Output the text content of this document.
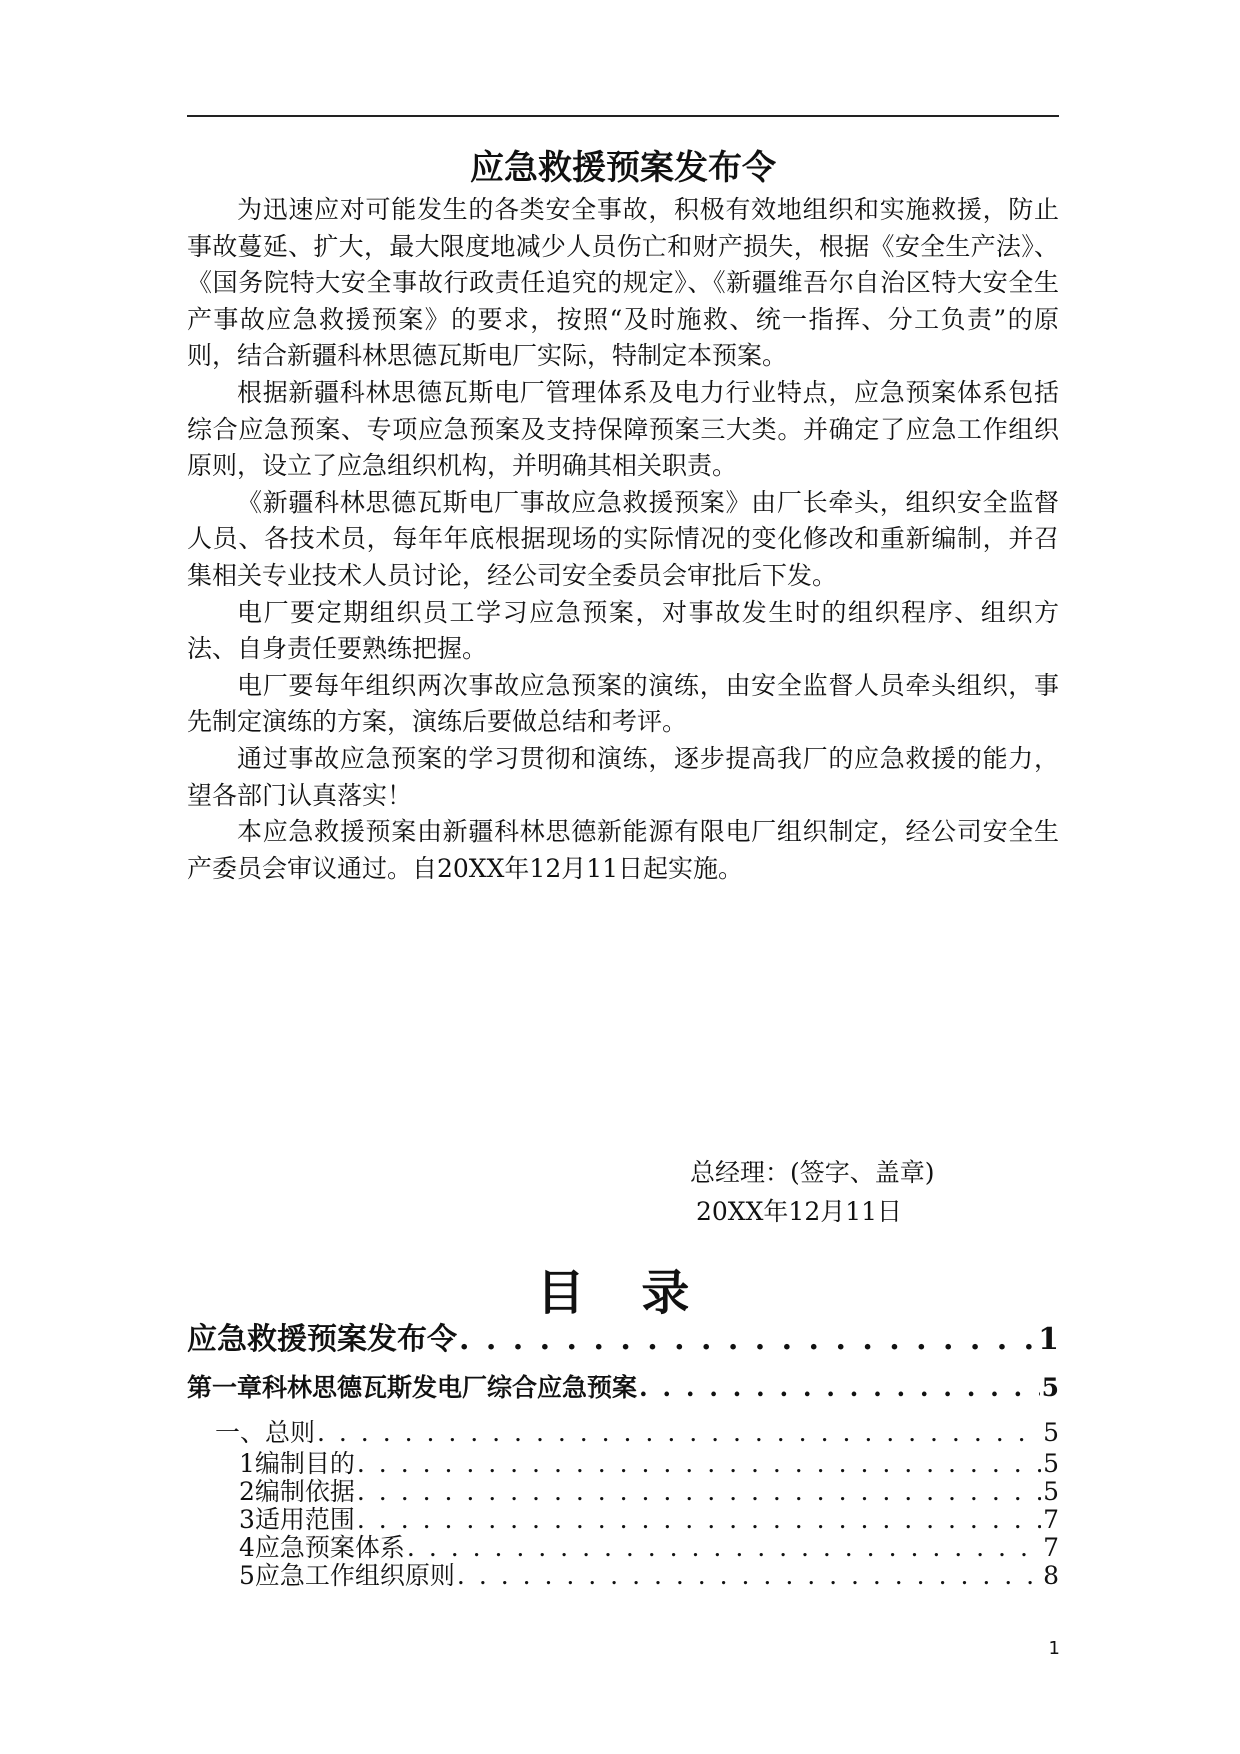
应急救援预案发布令

为迅速应对可能发生的各类安全事故，积极有效地组织和实施救援，防止事故蔓延、扩大，最大限度地减少人员伤亡和财产损失，根据《安全生产法》、《国务院特大安全事故行政责任追究的规定》、《新疆维吾尔自治区特大安全生产事故应急救援预案》的要求，按照“及时施救、统一指挥、分工负责”的原则，结合新疆科林思德瓦斯电厂实际，特制定本预案。

根据新疆科林思德瓦斯电厂管理体系及电力行业特点，应急预案体系包括综合应急预案、专项应急预案及支持保障预案三大类。并确定了应急工作组织原则，设立了应急组织机构，并明确其相关职责。

《新疆科林思德瓦斯电厂事故应急救援预案》由厂长牵头，组织安全监督人员、各技术员，每年年底根据现场的实际情况的变化修改和重新编制，并召集相关专业技术人员讨论，经公司安全委员会审批后下发。

电厂要定期组织员工学习应急预案，对事故发生时的组织程序、组织方法、自身责任要熟练把握。

电厂要每年组织两次事故应急预案的演练，由安全监督人员牵头组织，事先制定演练的方案，演练后要做总结和考评。

通过事故应急预案的学习贯彻和演练，逐步提高我厂的应急救援的能力，望各部门认真落实！

本应急救援预案由新疆科林思德新能源有限电厂组织制定，经公司安全生产委员会审议通过。自20XX年12月11日起实施。

总经理：(签字、盖章)
20XX年12月11日
目 录
应急救援预案发布令 . . .	1
第一章科林思德瓦斯发电厂综合应急预案 . . .	5
一、总则 . . .	5
1编制目的 . . .	5
2编制依据 . . .	5
3适用范围 . . .	7
4应急预案体系 . . .	7
5应急工作组织原则 . . .	8
1
